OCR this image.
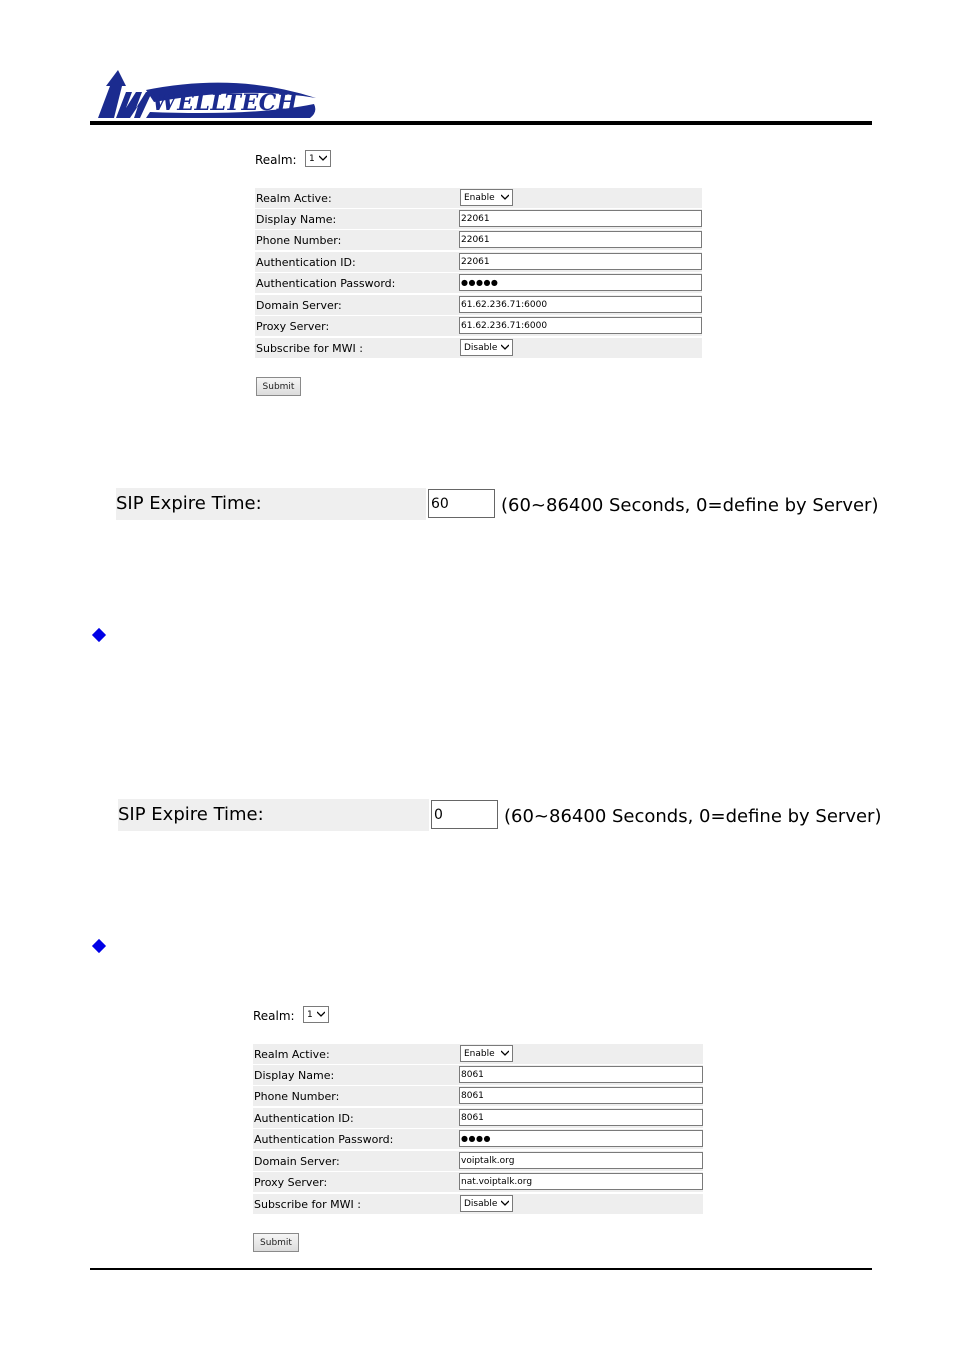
WELLTECH
Realm: 1
Realm Active:	Enable
Display Name:	22061
Phone Number:	22061
Authentication ID:	22061
Authentication Password:	●●●●●
Domain Server:	61.62.236.71:6000
Proxy Server:	61.62.236.71:6000
Subscribe for MWI :	Disable
Submit
SIP Expire Time:	60	(60~86400 Seconds, 0=define by Server)
SIP Expire Time:	0	(60~86400 Seconds, 0=define by Server)
Realm: 1
Realm Active:	Enable
Display Name:	8061
Phone Number:	8061
Authentication ID:	8061
Authentication Password:	●●●●
Domain Server:	voiptalk.org
Proxy Server:	nat.voiptalk.org
Subscribe for MWI :	Disable
Submit
